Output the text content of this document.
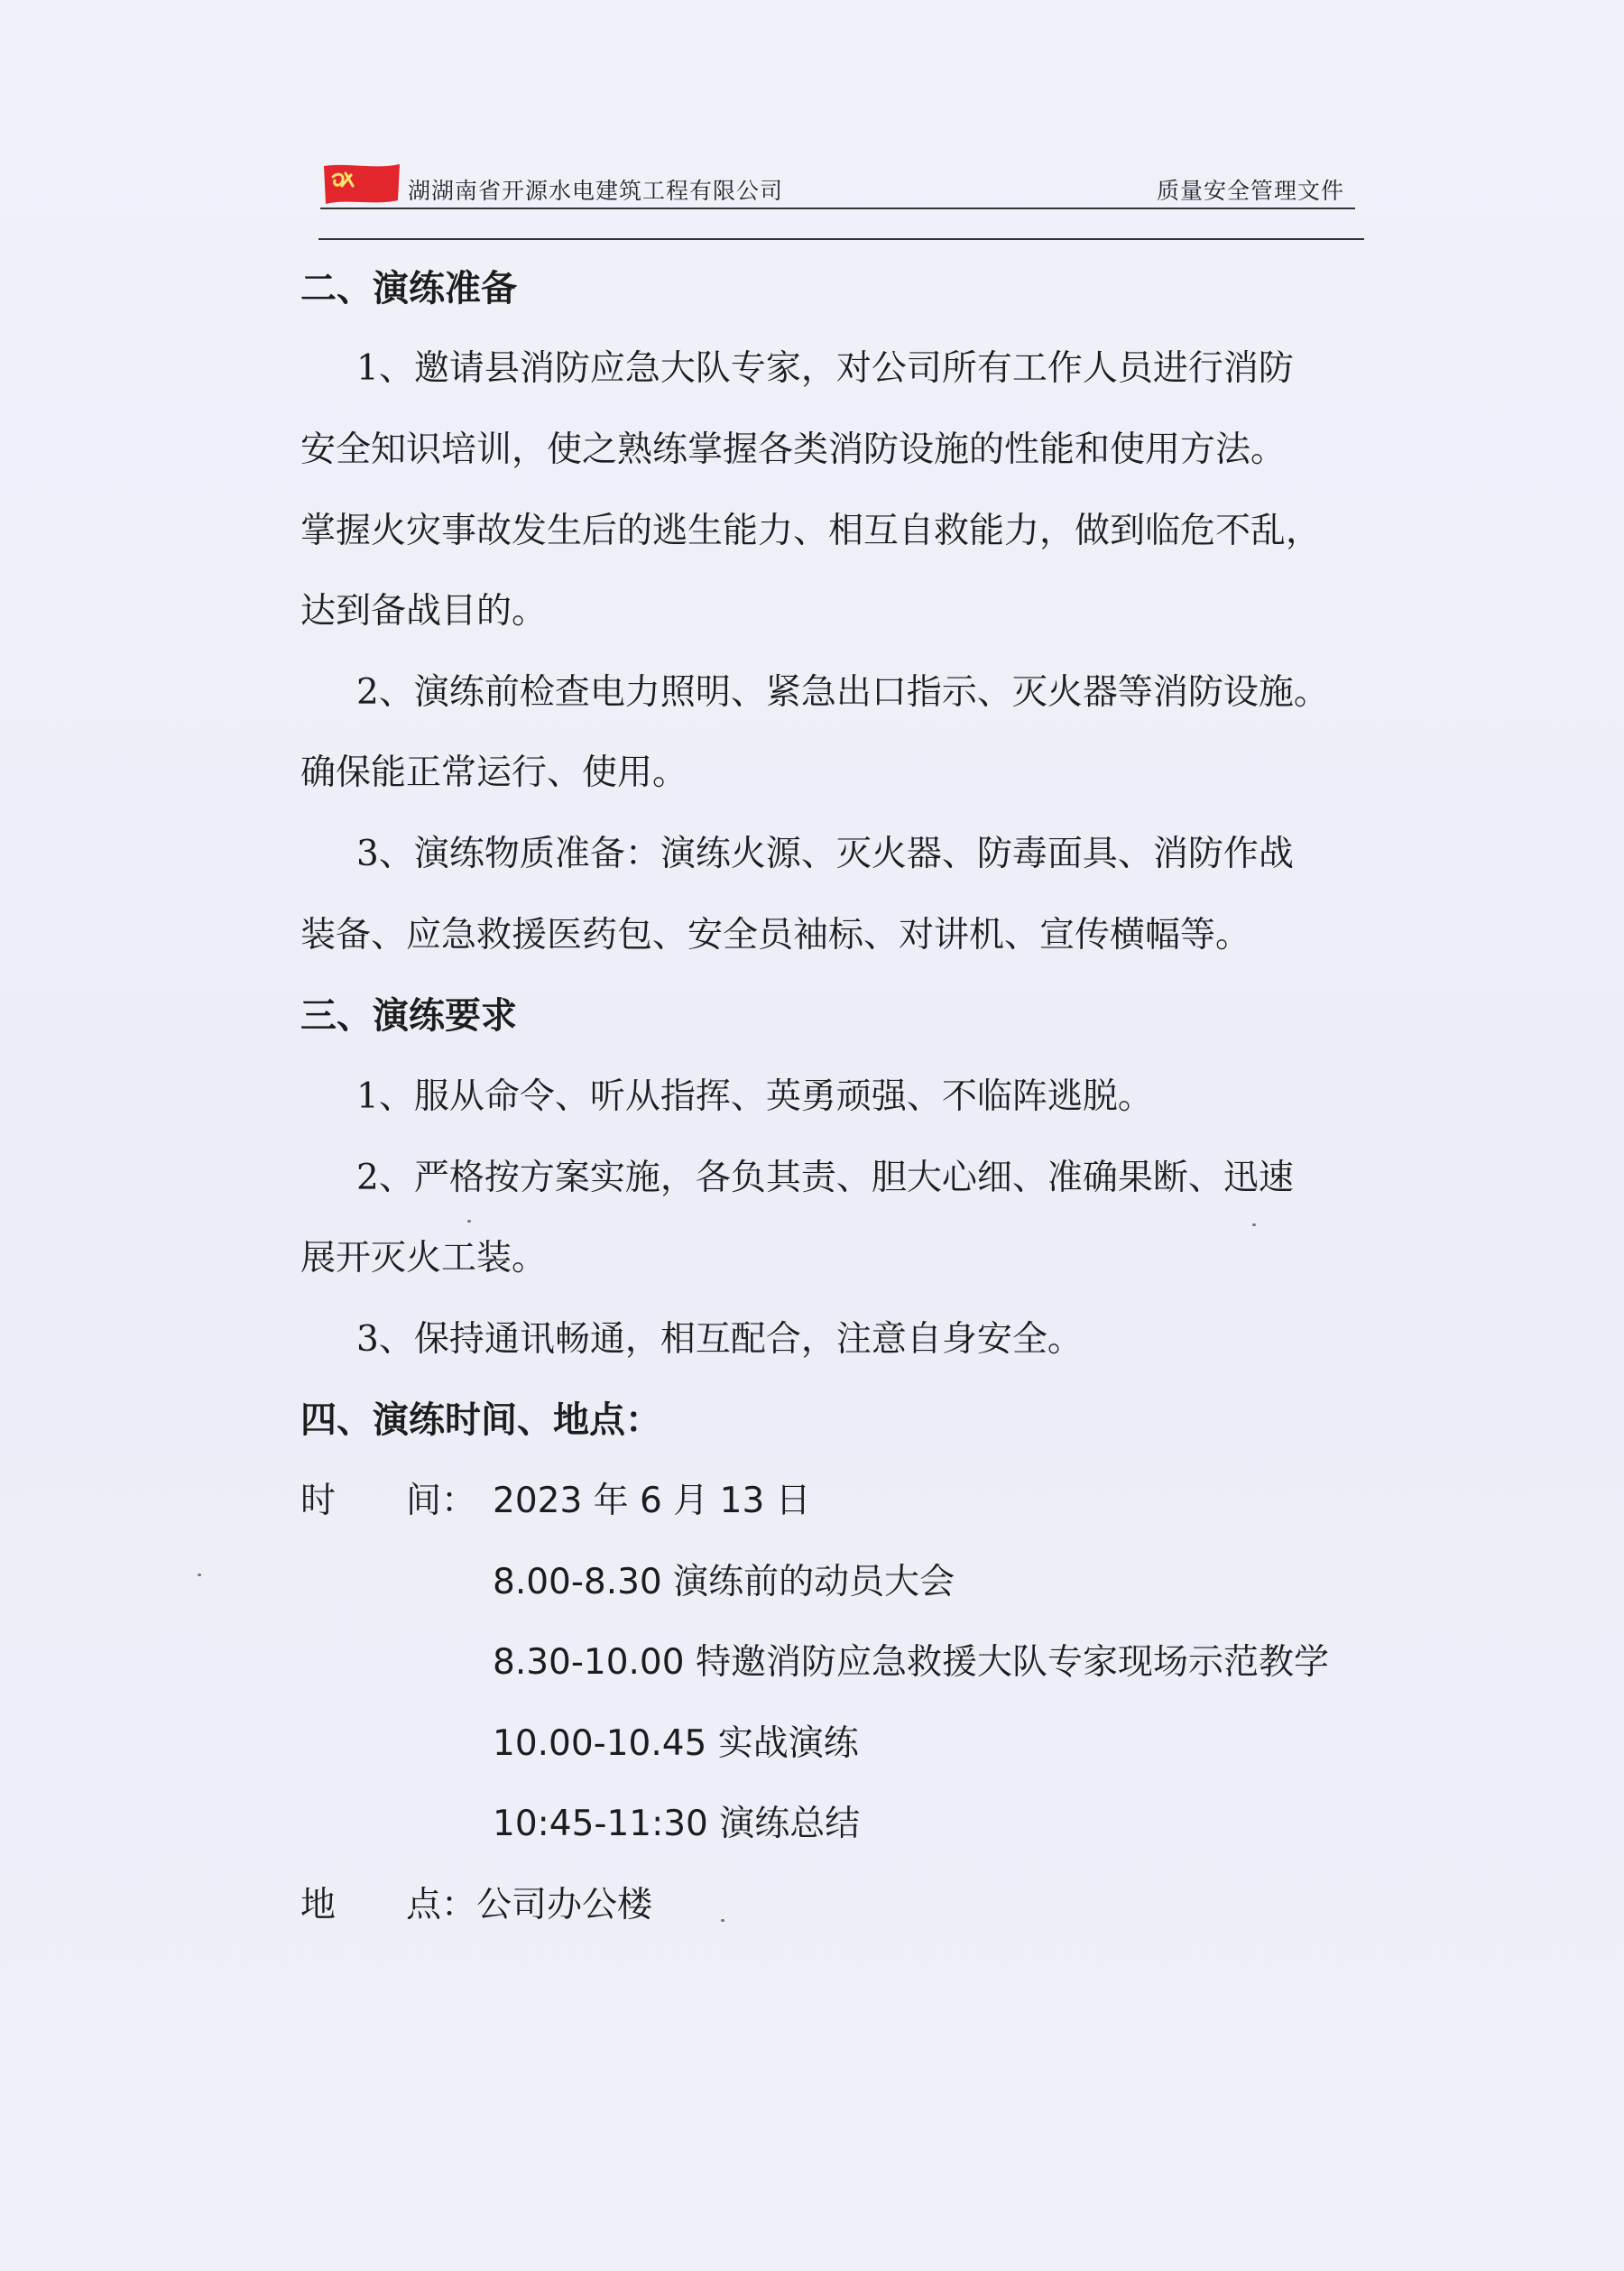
湖湖南省开源水电建筑工程有限公司	质量安全管理文件
二、演练准备
1、邀请县消防应急大队专家，对公司所有工作人员进行消防
安全知识培训，使之熟练掌握各类消防设施的性能和使用方法。
掌握火灾事故发生后的逃生能力、相互自救能力，做到临危不乱，
达到备战目的。
2、演练前检查电力照明、紧急出口指示、灭火器等消防设施。
确保能正常运行、使用。
3、演练物质准备：演练火源、灭火器、防毒面具、消防作战
装备、应急救援医药包、安全员袖标、对讲机、宣传横幅等。
三、演练要求
1、服从命令、听从指挥、英勇顽强、不临阵逃脱。
2、严格按方案实施，各负其责、胆大心细、准确果断、迅速
展开灭火工装。
3、保持通讯畅通，相互配合，注意自身安全。
四、演练时间、地点：
时　　间： 2023 年 6 月 13 日
8.00-8.30 演练前的动员大会
8.30-10.00 特邀消防应急救援大队专家现场示范教学
10.00-10.45 实战演练
10:45-11:30 演练总结
地　　点： 公司办公楼
